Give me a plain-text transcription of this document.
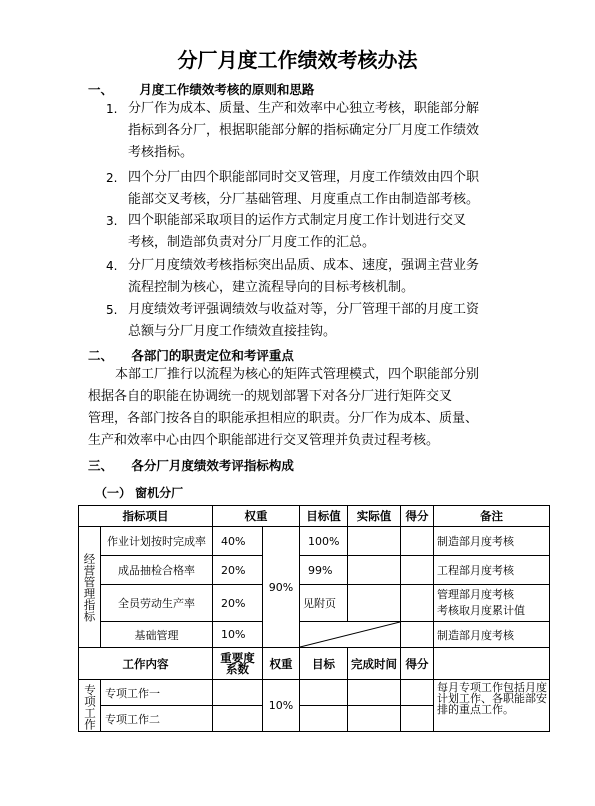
分厂月度工作绩效考核办法
一、 月度工作绩效考核的原则和思路
1. 分厂作为成本、质量、生产和效率中心独立考核，职能部分解
指标到各分厂，根据职能部分解的指标确定分厂月度工作绩效
考核指标。
2. 四个分厂由四个职能部同时交叉管理，月度工作绩效由四个职
能部交叉考核，分厂基础管理、月度重点工作由制造部考核。
3. 四个职能部采取项目的运作方式制定月度工作计划进行交叉
考核，制造部负责对分厂月度工作的汇总。
4. 分厂月度绩效考核指标突出品质、成本、速度，强调主营业务
流程控制为核心，建立流程导向的目标考核机制。
5. 月度绩效考评强调绩效与收益对等，分厂管理干部的月度工资
总额与分厂月度工作绩效直接挂钩。
二、 各部门的职责定位和考评重点
本部工厂推行以流程为核心的矩阵式管理模式，四个职能部分别
根据各自的职能在协调统一的规划部署下对各分厂进行矩阵交叉
管理，各部门按各自的职能承担相应的职责。分厂作为成本、质量、
生产和效率中心由四个职能部进行交叉管理并负责过程考核。
三、 各分厂月度绩效考评指标构成
（一） 窗机分厂
指标项目		权重		目标值	实际值	得分	备注
经营管理指标	作业计划按时完成率	40%	90%	100%			制造部月度考核
	成品抽检合格率	20%		99%			工程部月度考核
	全员劳动生产率	20%		见附页			管理部月度考核
考核取月度累计值

	基础管理	10%					制造部月度考核
工作内容		重要度
系数	权重	目标	完成时间	得分	
专项工作	专项工作一		10%				每月专项工作包括月度计划工作、各职能部安排的重点工作。
	专项工作二						
